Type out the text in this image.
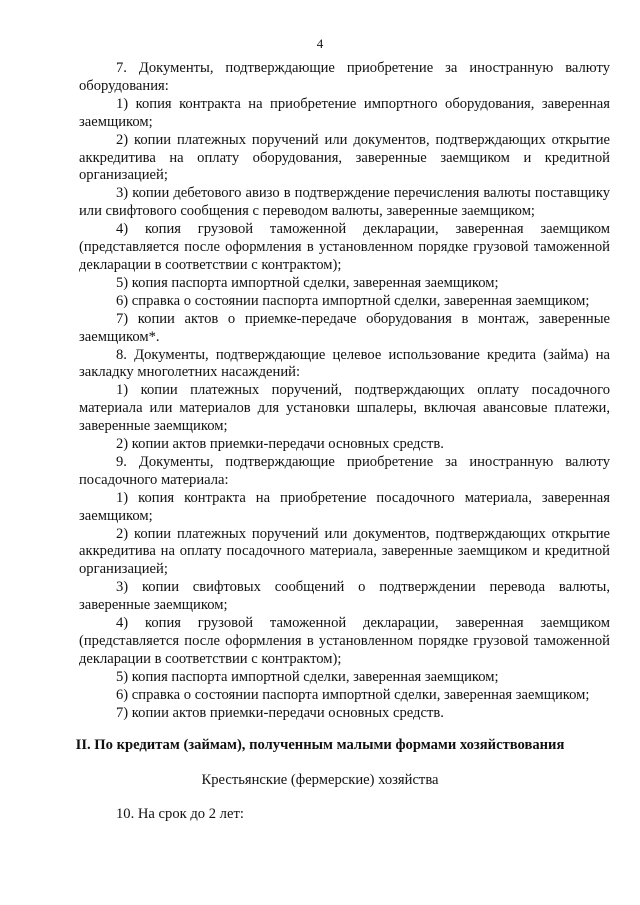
4

7. Документы, подтверждающие приобретение за иностранную валюту оборудования:

1) копия контракта на приобретение импортного оборудования, заверенная заемщиком;

2) копии платежных поручений или документов, подтверждающих открытие аккредитива на оплату оборудования, заверенные заемщиком и кредитной организацией;

3) копии дебетового авизо в подтверждение перечисления валюты поставщику или свифтового сообщения с переводом валюты, заверенные заемщиком;

4) копия грузовой таможенной декларации, заверенная заемщиком (представляется после оформления в установленном порядке грузовой таможенной декларации в соответствии с контрактом);

5) копия паспорта импортной сделки, заверенная заемщиком;

6) справка о состоянии паспорта импортной сделки, заверенная заемщиком;

7) копии актов о приемке-передаче оборудования в монтаж, заверенные заемщиком*.

8. Документы, подтверждающие целевое использование кредита (займа) на закладку многолетних насаждений:

1) копии платежных поручений, подтверждающих оплату посадочного материала или материалов для установки шпалеры, включая авансовые платежи, заверенные заемщиком;

2) копии актов приемки-передачи основных средств.

9. Документы, подтверждающие приобретение за иностранную валюту посадочного материала:

1) копия контракта на приобретение посадочного материала, заверенная заемщиком;

2) копии платежных поручений или документов, подтверждающих открытие аккредитива на оплату посадочного материала, заверенные заемщиком и кредитной организацией;

3) копии свифтовых сообщений о подтверждении перевода валюты, заверенные заемщиком;

4) копия грузовой таможенной декларации, заверенная заемщиком (представляется после оформления в установленном порядке грузовой таможенной декларации в соответствии с контрактом);

5) копия паспорта импортной сделки, заверенная заемщиком;

6) справка о состоянии паспорта импортной сделки, заверенная заемщиком;

7) копии актов приемки-передачи основных средств.

II. По кредитам (займам), полученным малыми формами хозяйствования
Крестьянские (фермерские) хозяйства
10. На срок до 2 лет:
